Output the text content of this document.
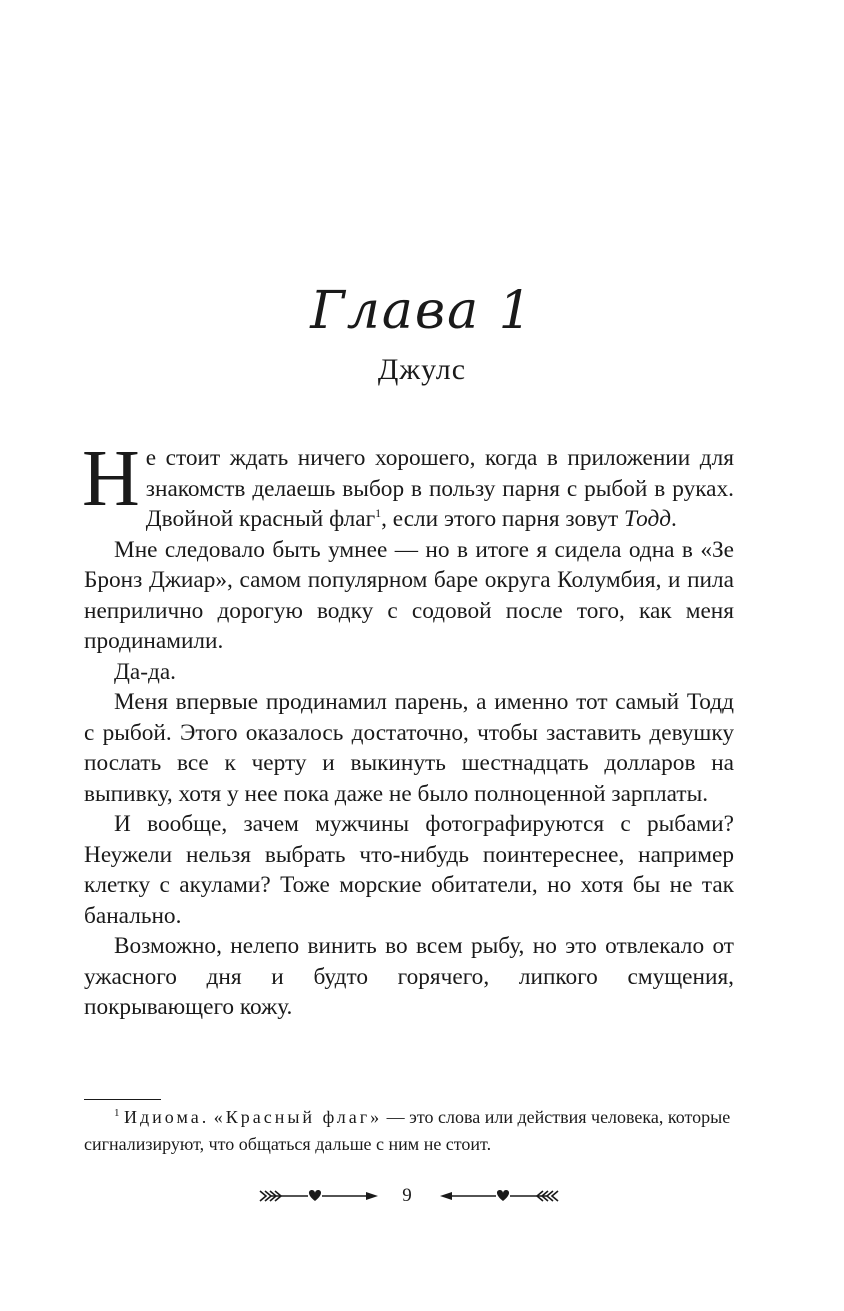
Глава 1
Джулс

Не стоит ждать ничего хорошего, когда в приложении для знакомств делаешь выбор в пользу парня с рыбой в руках. Двойной красный флаг$^1$, если этого парня зовут Тодд.

Мне следовало быть умнее — но в итоге я сидела одна в «Зе Бронз Джиар», самом популярном баре округа Колумбия, и пила неприлично дорогую водку с содовой после того, как меня продинамили.

Да-да.

Меня впервые продинамил парень, а именно тот самый Тодд с рыбой. Этого оказалось достаточно, чтобы заставить девушку послать все к черту и выкинуть шестнадцать долларов на выпивку, хотя у нее пока даже не было полноценной зарплаты.

И вообще, зачем мужчины фотографируются с рыбами? Неужели нельзя выбрать что-нибудь поинтереснее, например клетку с акулами? Тоже морские обитатели, но хотя бы не так банально.

Возможно, нелепо винить во всем рыбу, но это отвлекало от ужасного дня и будто горячего, липкого смущения, покрывающего кожу.

$^1$ Идиома. «Красный флаг» — это слова или действия человека, которые сигнализируют, что общаться дальше с ним не стоит.

9
